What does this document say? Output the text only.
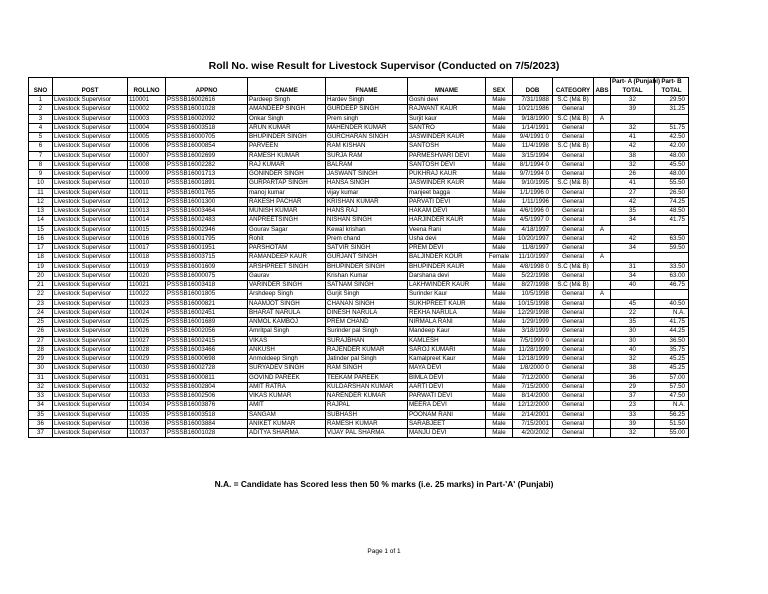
Roll No. wise Result for Livestock Supervisor (Conducted on 7/5/2023)
											Part- A (Punjabi)	Part- B
SNO	POST	ROLLNO	APPNO	CNAME	FNAME	MNAME	SEX	DOB	CATEGORY	ABS	TOTAL	TOTAL
1	Livestock Supervisor	110001	PSSSB16002616	Pardeep Singh	Hardev Singh	Goshi devi	Male	7/31/1988	S.C (M& B)		32	29.50
2	Livestock Supervisor	110002	PSSSB16001028	AMANDEEP SINGH	GURDEEP SINGH	RAJWANT KAUR	Male	10/21/1986	General		39	31.25
3	Livestock Supervisor	110003	PSSSB16002092	Onkar Singh	Prem singh	Surjit kaur	Male	9/18/1990	S.C (M& B)	A		
4	Livestock Supervisor	110004	PSSSB16003518	ARUN KUMAR	MAHENDER KUMAR	SANTRO	Male	1/14/1991	General		32	51.75
5	Livestock Supervisor	110005	PSSSB16000705	BHUPINDER SINGH	GURCHARAN SINGH	JASWINDER KAUR	Male	9/4/1991 0	General		41	42.50
6	Livestock Supervisor	110006	PSSSB16000854	PARVEEN	RAM KISHAN	SANTOSH	Male	11/4/1998	S.C (M& B)		42	42.00
7	Livestock Supervisor	110007	PSSSB16002699	RAMESH KUMAR	SURJA RAM	PARMESHVARI DEVI	Male	3/15/1994	General		38	48.00
8	Livestock Supervisor	110008	PSSSB16002282	RAJ KUMAR	BALRAM	SANTOSH DEVI	Male	8/1/1994 0	General		32	45.50
9	Livestock Supervisor	110009	PSSSB16001713	GONINDER SINGH	JASWANT SINGH	PUKHRAJ KAUR	Male	9/7/1994 0	General		26	48.00
10	Livestock Supervisor	110010	PSSSB16001891	GURPARTAP SINGH	HANSA SINGH	JASWINDER KAUR	Male	9/10/1995	S.C (M& B)		41	55.50
11	Livestock Supervisor	110011	PSSSB16001765	manoj kumar	vijay kumar	manjeet bagga	Male	1/1/1996 0	General		27	26.50
12	Livestock Supervisor	110012	PSSSB16001300	RAKESH PACHAR	KRISHAN KUMAR	PARVATI DEVI	Male	1/11/1996	General		42	74.25
13	Livestock Supervisor	110013	PSSSB16003464	MUNISH KUMAR	HANS RAJ	HAKAM DEVI	Male	4/6/1996 0	General		35	48.50
14	Livestock Supervisor	110014	PSSSB16002483	ANPREETSINGH	NISHAN SINGH	HARJINDER KAUR	Male	4/5/1997 0	General		34	41.75
15	Livestock Supervisor	110015	PSSSB16002946	Gourav Sagar	Kewal krishan	Veena Rani	Male	4/18/1997	General	A		
16	Livestock Supervisor	110016	PSSSB16001795	Rohit	Prem chand	Usha devi	Male	10/20/1997	General		42	63.50
17	Livestock Supervisor	110017	PSSSB16001951	PARSHOTAM	SATVIR SINGH	PREM DEVI	Male	11/8/1997	General		34	59.50
18	Livestock Supervisor	110018	PSSSB16003715	RAMANDEEP KAUR	GURJANT SINGH	BALJINDER KOUR	Female	11/10/1997	General	A		
19	Livestock Supervisor	110019	PSSSB16001609	ARSHPREET SINGH	BHUPINDER SINGH	BHUPINDER KAUR	Male	4/8/1998 0	S.C (M& B)		31	33.50
20	Livestock Supervisor	110020	PSSSB16000075	Gaurav	Krishan Kumar	Darshana devi	Male	5/22/1998	General		34	63.00
21	Livestock Supervisor	110021	PSSSB16003418	VARINDER SINGH	SATNAM SINGH	LAKHWINDER KAUR	Male	8/27/1998	S.C (M& B)		40	46.75
22	Livestock Supervisor	110022	PSSSB16001805	Arshdeep Singh	Gurjit Singh	Surinder Kaur	Male	10/5/1998	General	A		
23	Livestock Supervisor	110023	PSSSB16000821	NAAMJOT SINGH	CHANAN SINGH	SUKHPREET KAUR	Male	10/15/1998	General		45	40.50
24	Livestock Supervisor	110024	PSSSB16002451	BHARAT NARULA	DINESH NARULA	REKHA NARULA	Male	12/29/1998	General		22	N.A.
25	Livestock Supervisor	110025	PSSSB16001689	ANMOL KAMBOJ	PREM CHAND	NIRMALA RANI	Male	1/29/1999	General		35	41.75
26	Livestock Supervisor	110026	PSSSB16002056	Amritpal Singh	Surinder pal Singh	Mandeep Kaur	Male	3/18/1999	General		30	44.25
27	Livestock Supervisor	110027	PSSSB16002415	VIKAS	SURAJBHAN	KAMLESH	Male	7/5/1999 0	General		30	36.50
28	Livestock Supervisor	110028	PSSSB16003466	ANKUSH	RAJENDER KUMAR	SAROJ KUMARI	Male	11/28/1999	General		40	35.75
29	Livestock Supervisor	110029	PSSSB16000698	Anmoldeep Singh	Jatinder pal Singh	Kamalpreet Kaur	Male	12/18/1999	General		32	45.25
30	Livestock Supervisor	110030	PSSSB16002728	SURYADEV SINGH	RAM SINGH	MAYA DEVI	Male	1/8/2000 0	General		38	45.25
31	Livestock Supervisor	110031	PSSSB16000811	GOVIND PAREEK	TEEKAM PAREEK	BIMLA DEVI	Male	7/12/2000	General		36	57.00
32	Livestock Supervisor	110032	PSSSB16002804	AMIT RATRA	KULDARSHAN KUMAR	AARTI DEVI	Male	7/15/2000	General		29	57.50
33	Livestock Supervisor	110033	PSSSB16002506	VIKAS KUMAR	NARENDER KUMAR	PARWATI DEVI	Male	8/14/2000	General		37	47.50
34	Livestock Supervisor	110034	PSSSB16003876	AMIT	RAJPAL	MEERA DEVI	Male	12/12/2000	General		23	N.A.
35	Livestock Supervisor	110035	PSSSB16003518	SANGAM	SUBHASH	POONAM RANI	Male	2/14/2001	General		33	56.25
36	Livestock Supervisor	110036	PSSSB16003884	ANIKET KUMAR	RAMESH KUMAR	SARABJEET	Male	7/15/2001	General		39	51.50
37	Livestock Supervisor	110037	PSSSB16001028	ADITYA SHARMA	VIJAY PAL SHARMA	MANJU DEVI	Male	4/20/2002	General		32	55.00
N.A. = Candidate has Scored less then 50 % marks (i.e. 25 marks) in Part-'A' (Punjabi)
Page 1 of 1
